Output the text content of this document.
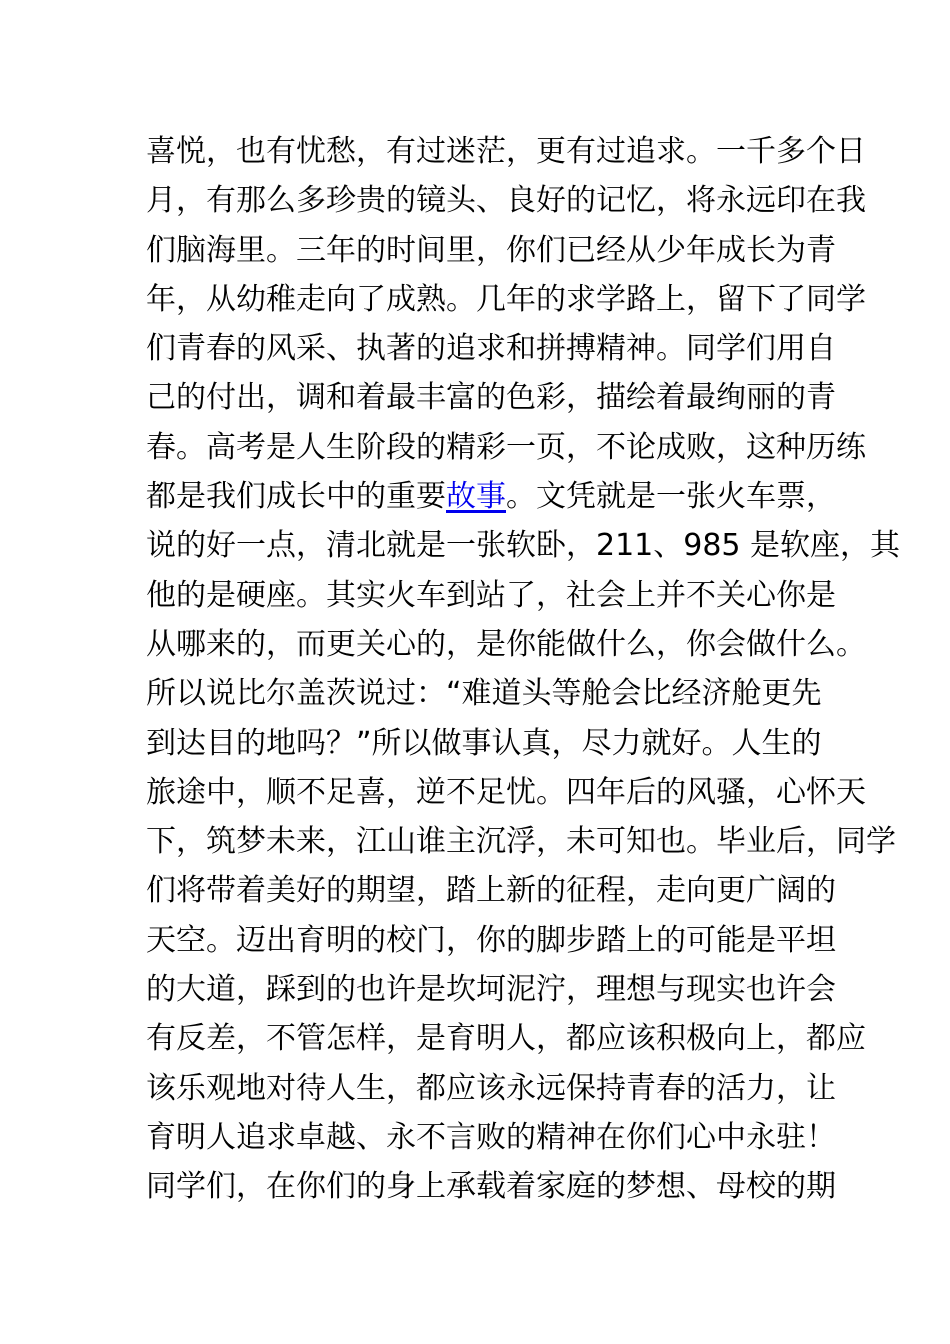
喜悦，也有忧愁，有过迷茫，更有过追求。一千多个日
月，有那么多珍贵的镜头、良好的记忆，将永远印在我
们脑海里。三年的时间里，你们已经从少年成长为青
年，从幼稚走向了成熟。几年的求学路上，留下了同学
们青春的风采、执著的追求和拼搏精神。同学们用自
己的付出，调和着最丰富的色彩，描绘着最绚丽的青
春。高考是人生阶段的精彩一页，不论成败，这种历练
都是我们成长中的重要故事。文凭就是一张火车票，
说的好一点，清北就是一张软卧，211、985 是软座，其
他的是硬座。其实火车到站了，社会上并不关心你是
从哪来的，而更关心的，是你能做什么，你会做什么。
所以说比尔盖茨说过：“难道头等舱会比经济舱更先
到达目的地吗？”所以做事认真，尽力就好。人生的
旅途中，顺不足喜，逆不足忧。四年后的风骚，心怀天
下，筑梦未来，江山谁主沉浮，未可知也。毕业后，同学
们将带着美好的期望，踏上新的征程，走向更广阔的
天空。迈出育明的校门，你的脚步踏上的可能是平坦
的大道，踩到的也许是坎坷泥泞，理想与现实也许会
有反差，不管怎样，是育明人，都应该积极向上，都应
该乐观地对待人生，都应该永远保持青春的活力，让
育明人追求卓越、永不言败的精神在你们心中永驻！
同学们，在你们的身上承载着家庭的梦想、母校的期
